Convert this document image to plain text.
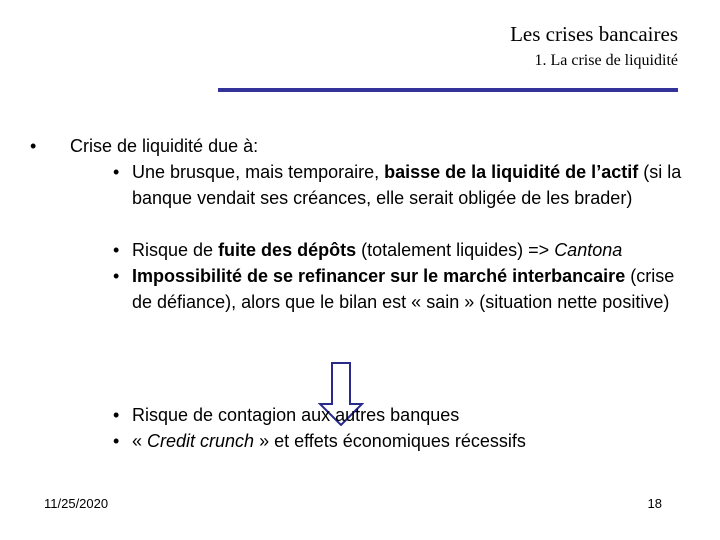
Les crises bancaires
1. La crise de liquidité
•	Crise de liquidité due à:
• Une brusque, mais temporaire, baisse de la liquidité de l’actif (si la banque vendait ses créances, elle serait obligée de les brader)
• Risque de fuite des dépôts (totalement liquides) => Cantona
• Impossibilité de se refinancer sur le marché interbancaire (crise de défiance), alors que le bilan est « sain » (situation nette positive)
• Risque de contagion aux autres banques
• « Credit crunch » et effets économiques récessifs
11/25/2020	18
